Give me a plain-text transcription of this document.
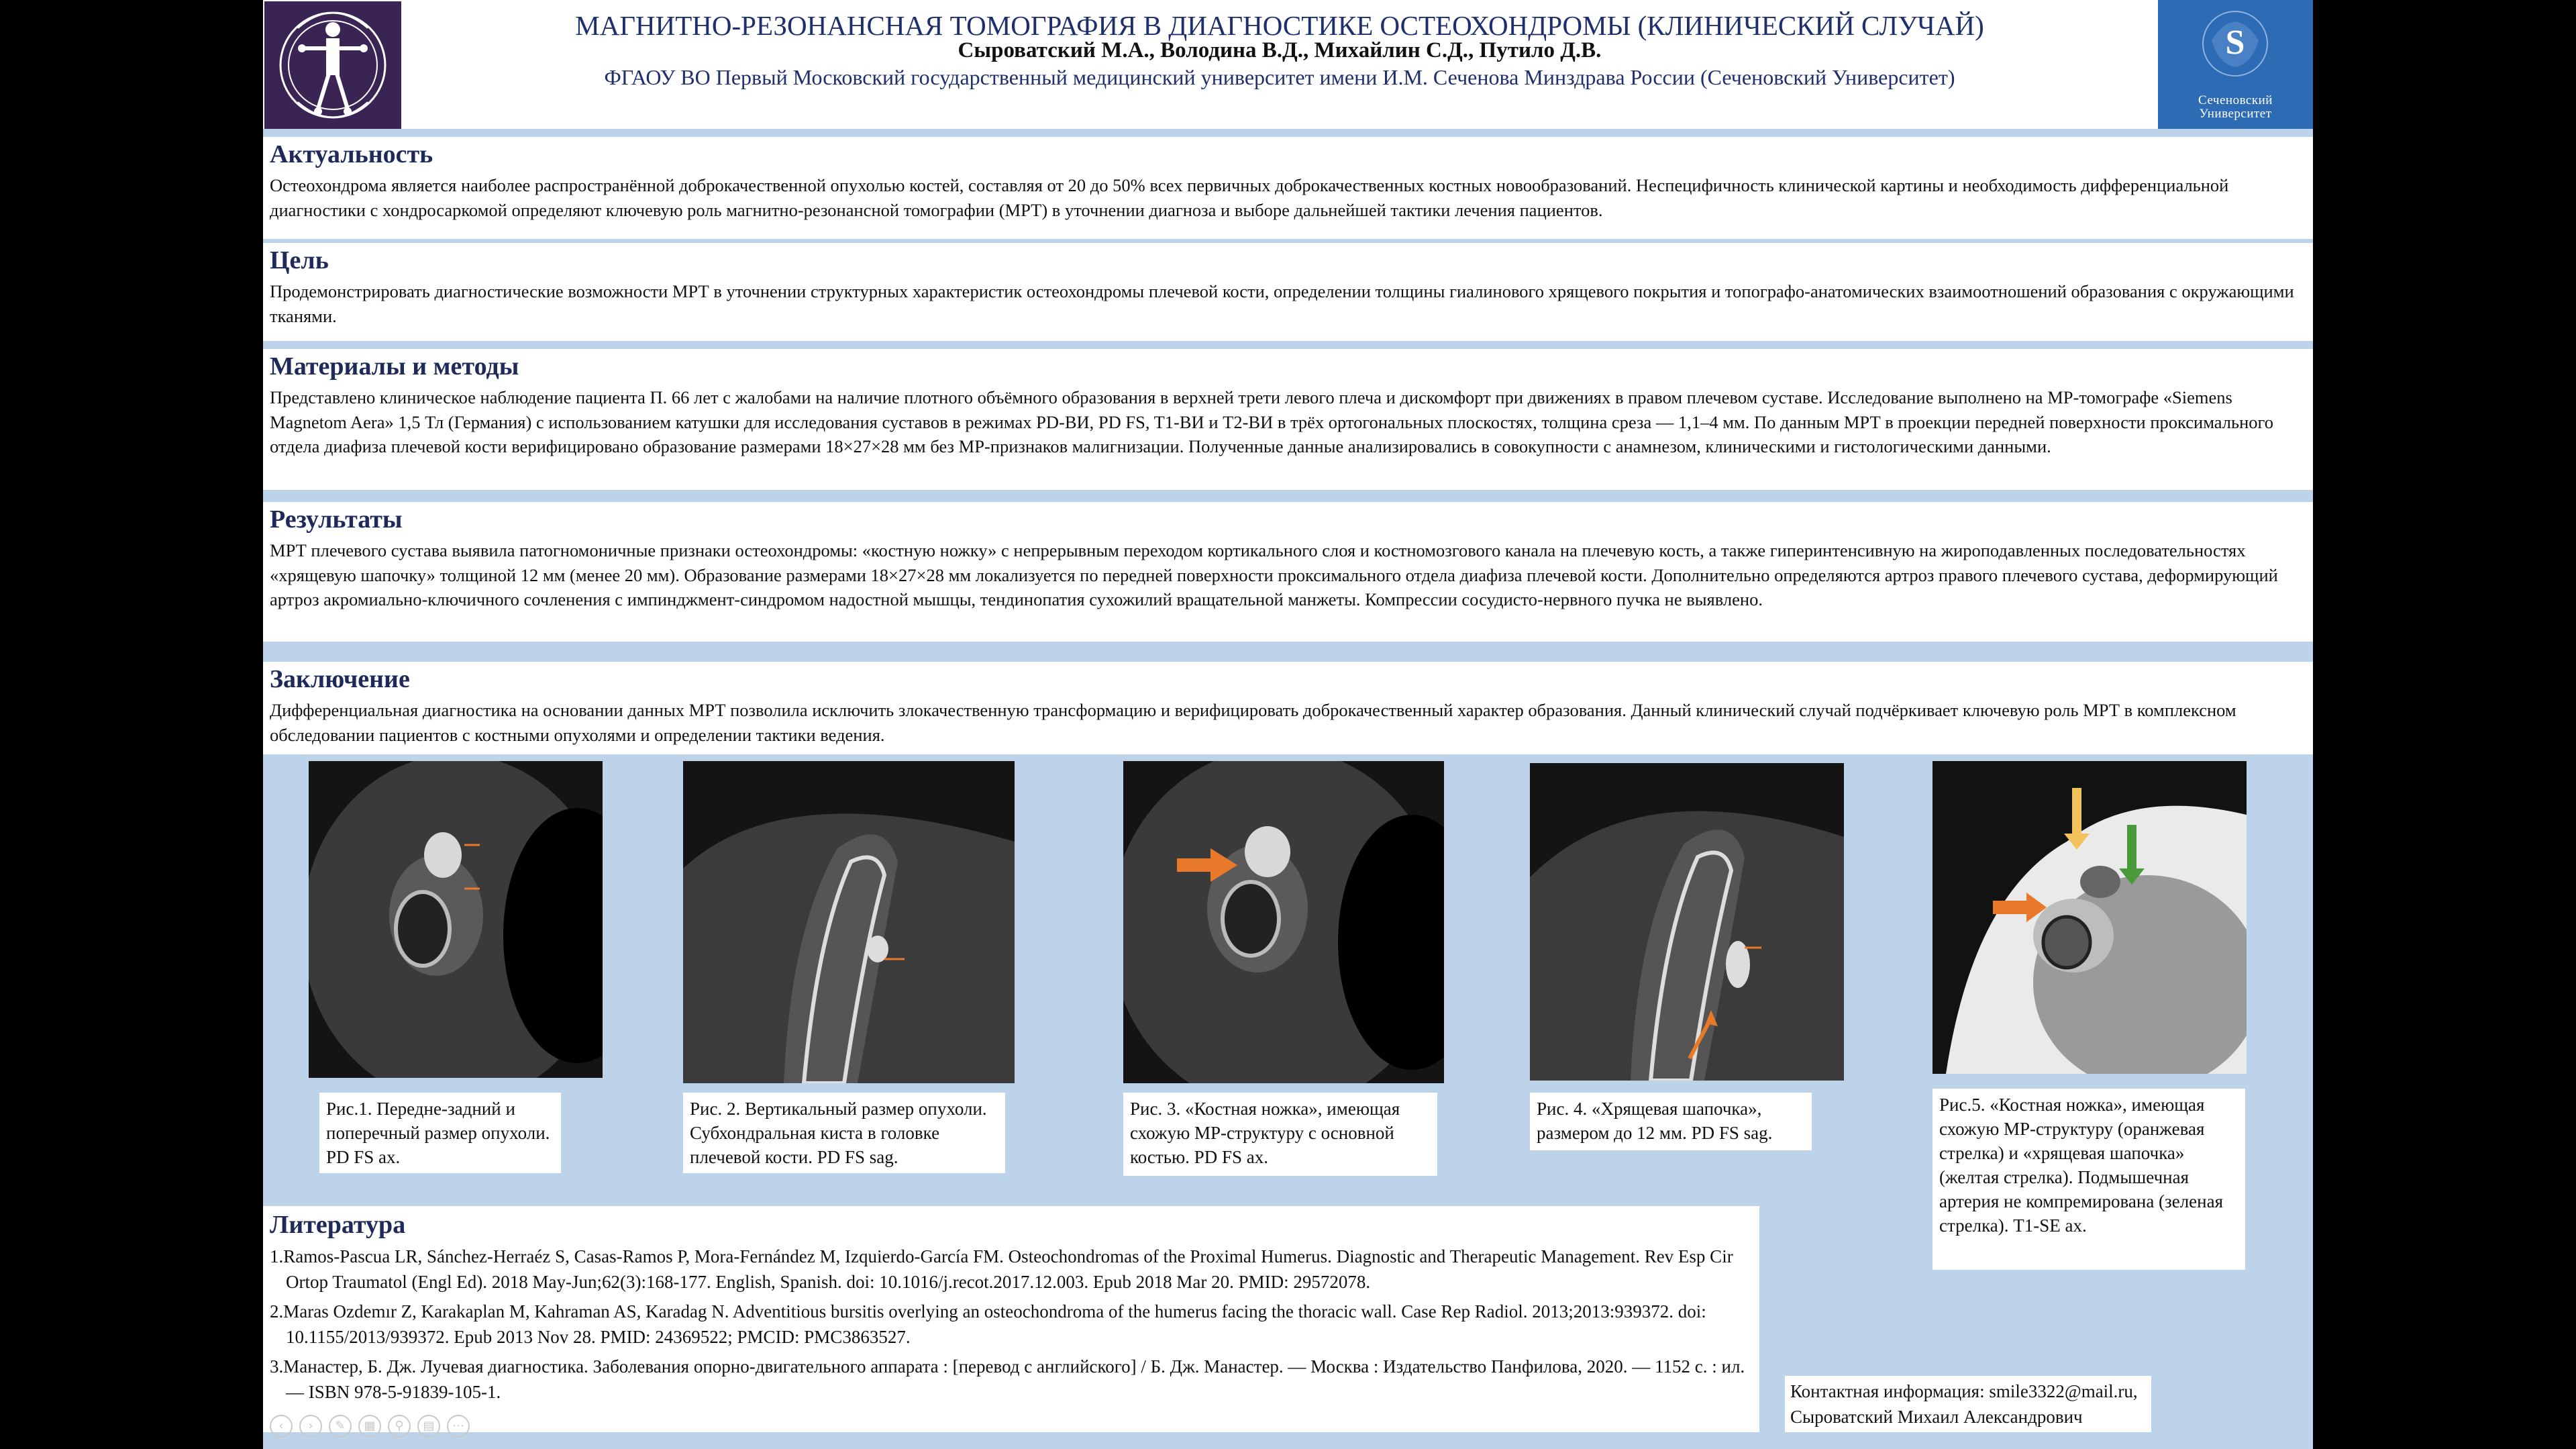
МАГНИТНО-РЕЗОНАНСНАЯ ТОМОГРАФИЯ В ДИАГНОСТИКЕ ОСТЕОХОНДРОМЫ (КЛИНИЧЕСКИЙ СЛУЧАЙ)
Сыроватский М.А., Володина В.Д., Михайлин С.Д., Путило Д.В.
ФГАОУ ВО Первый Московский государственный медицинский университет имени И.М. Сеченова Минздрава России (Сеченовский Университет)
S
Сеченовский
Университет
Актуальность

Остеохондрома является наиболее распространённой доброкачественной опухолью костей, составляя от 20 до 50% всех первичных доброкачественных костных новообразований. Неспецифичность клинической картины и необходимость дифференциальной диагностики с хондросаркомой определяют ключевую роль магнитно-резонансной томографии (МРТ) в уточнении диагноза и выборе дальнейшей тактики лечения пациентов.

Цель

Продемонстрировать диагностические возможности МРТ в уточнении структурных характеристик остеохондромы плечевой кости, определении толщины гиалинового хрящевого покрытия и топографо-анатомических взаимоотношений образования с окружающими тканями.

Материалы и методы

Представлено клиническое наблюдение пациента П. 66 лет с жалобами на наличие плотного объёмного образования в верхней трети левого плеча и дискомфорт при движениях в правом плечевом суставе. Исследование выполнено на МР-томографе «Siemens Magnetom Aera» 1,5 Тл (Германия) с использованием катушки для исследования суставов в режимах PD-ВИ, PD FS, T1-ВИ и T2-ВИ в трёх ортогональных плоскостях, толщина среза — 1,1–4 мм. По данным МРТ в проекции передней поверхности проксимального отдела диафиза плечевой кости верифицировано образование размерами 18×27×28 мм без МР-признаков малигнизации. Полученные данные анализировались в совокупности с анамнезом, клиническими и гистологическими данными.

Результаты

МРТ плечевого сустава выявила патогномоничные признаки остеохондромы: «костную ножку» с непрерывным переходом кортикального слоя и костномозгового канала на плечевую кость, а также гиперинтенсивную на жироподавленных последовательностях «хрящевую шапочку» толщиной 12 мм (менее 20 мм). Образование размерами 18×27×28 мм локализуется по передней поверхности проксимального отдела диафиза плечевой кости. Дополнительно определяются артроз правого плечевого сустава, деформирующий артроз акромиально-ключичного сочленения с импинджмент-синдромом надостной мышцы, тендинопатия сухожилий вращательной манжеты. Компрессии сосудисто-нервного пучка не выявлено.

Заключение

Дифференциальная диагностика на основании данных МРТ позволила исключить злокачественную трансформацию и верифицировать доброкачественный характер образования. Данный клинический случай подчёркивает ключевую роль МРТ в комплексном обследовании пациентов с костными опухолями и определении тактики ведения.

Рис.1. Передне-задний и поперечный размер опухоли. PD FS ax.
Рис. 2. Вертикальный размер опухоли. Субхондральная киста в головке плечевой кости. PD FS sag.
Рис. 3. «Костная ножка», имеющая схожую МР-структуру с основной костью. PD FS ax.
Рис. 4. «Хрящевая шапочка», размером до 12 мм. PD FS sag.
Рис.5. «Костная ножка», имеющая схожую МР-структуру (оранжевая стрелка) и «хрящевая шапочка» (желтая стрелка). Подмышечная артерия не компремирована (зеленая стрелка). T1-SE ax.
Литература
1.Ramos-Pascua LR, Sánchez-Herraéz S, Casas-Ramos P, Mora-Fernández M, Izquierdo-García FM. Osteochondromas of the Proximal Humerus. Diagnostic and Therapeutic Management. Rev Esp Cir Ortop Traumatol (Engl Ed). 2018 May-Jun;62(3):168-177. English, Spanish. doi: 10.1016/j.recot.2017.12.003. Epub 2018 Mar 20. PMID: 29572078.
2.Maras Ozdemır Z, Karakaplan M, Kahraman AS, Karadag N. Adventitious bursitis overlying an osteochondroma of the humerus facing the thoracic wall. Case Rep Radiol. 2013;2013:939372. doi: 10.1155/2013/939372. Epub 2013 Nov 28. PMID: 24369522; PMCID: PMC3863527.
3.Манастер, Б. Дж. Лучевая диагностика. Заболевания опорно-двигательного аппарата : [перевод с английского] / Б. Дж. Манастер. — Москва : Издательство Панфилова, 2020. — 1152 с. : ил. — ISBN 978-5-91839-105-1.	Контактная информация: smile3322@mail.ru,
Сыроватский Михаил Александрович
‹	›	✎	▦	⚲	▤	⋯
